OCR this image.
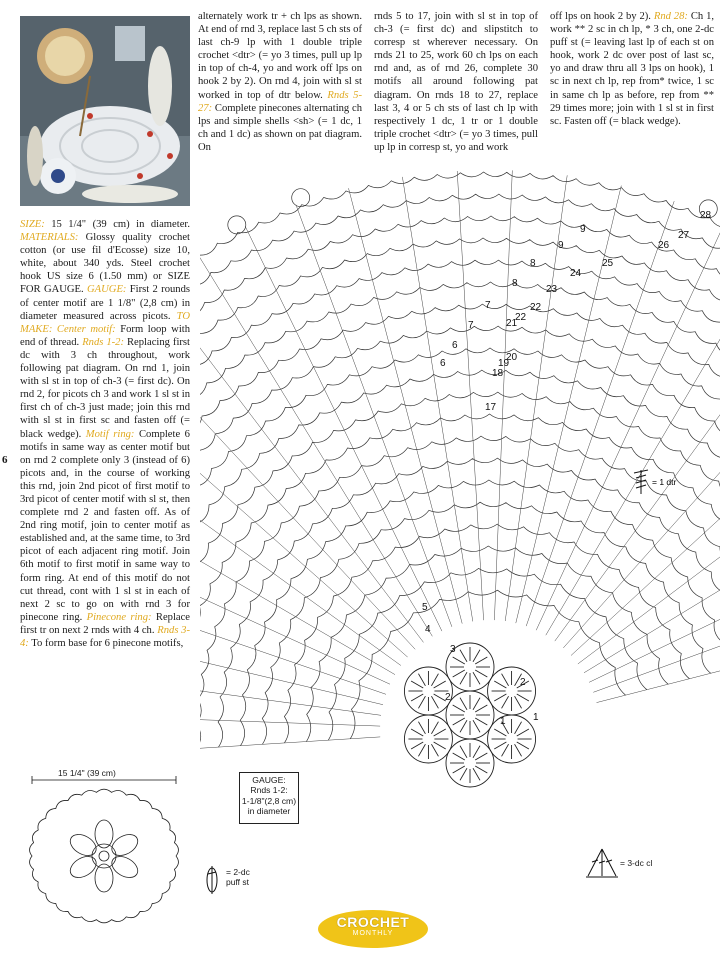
6

SIZE: 15 1/4" (39 cm) in diameter. MATERIALS: Glossy quality crochet cotton (or use fil d'Ecosse) size 10, white, about 340 yds. Steel crochet hook US size 6 (1.50 mm) or SIZE FOR GAUGE. GAUGE: First 2 rounds of center motif are 1 1/8" (2,8 cm) in diameter measured across picots. TO MAKE: Center motif: Form loop with end of thread. Rnds 1-2: Replacing first dc with 3 ch throughout, work following pat diagram. On rnd 1, join with sl st in top of ch-3 (= first dc). On rnd 2, for picots ch 3 and work 1 sl st in first ch of ch-3 just made; join this rnd with sl st in first sc and fasten off (= black wedge). Motif ring: Complete 6 motifs in same way as center motif but on rnd 2 complete only 3 (instead of 6) picots and, in the course of working this rnd, join 2nd picot of first motif to 3rd picot of center motif with sl st, then complete rnd 2 and fasten off. As of 2nd ring motif, join to center motif as established and, at the same time, to 3rd picot of each adjacent ring motif. Join 6th motif to first motif in same way to form ring. At end of this motif do not cut thread, cont with 1 sl st in each of next 2 sc to go on with rnd 3 for pinecone ring. Pinecone ring: Replace first tr on next 2 rnds with 4 ch. Rnds 3-4: To form base for 6 pinecone motifs,

alternately work tr + ch lps as shown. At end of rnd 3, replace last 5 ch sts of last ch-9 lp with 1 double triple crochet <dtr> (= yo 3 times, pull up lp in top of ch-4, yo and work off lps on hook 2 by 2). On rnd 4, join with sl st worked in top of dtr below. Rnds 5-27: Complete pinecones alternating ch lps and simple shells <sh> (= 1 dc, 1 ch and 1 dc) as shown on pat diagram. On

rnds 5 to 17, join with sl st in top of ch-3 (= first dc) and slipstitch to corresp st wherever necessary. On rnds 21 to 25, work 60 ch lps on each rnd and, as of rnd 26, complete 30 motifs all around following pat diagram. On rnds 18 to 27, replace last 3, 4 or 5 ch sts of last ch lp with respectively 1 dc, 1 tr or 1 double triple crochet <dtr> (= yo 3 times, pull up lp in corresp st, yo and work

off lps on hook 2 by 2). Rnd 28: Ch 1, work ** 2 sc in ch lp, * 3 ch, one 2-dc puff st (= leaving last lp of each st on hook, work 2 dc over post of last sc, yo and draw thru all 3 lps on hook), 1 sc in next ch lp, rep from* twice, 1 sc in same ch lp as before, rep from ** 29 times more; join with 1 sl st in first sc. Fasten off (= black wedge).

28
27
26
25
24
23
22
22
21
20
19
18
17
9
9
8
8
7
7
6
6
5
4
3
2
1
2
1
= 1 dtr
GAUGE:
Rnds 1-2:
1-1/8"(2,8 cm)
in diameter
15 1/4" (39 cm)
= 2-dc
puff st
= 3-dc cl
CROCHET
MONTHLY
